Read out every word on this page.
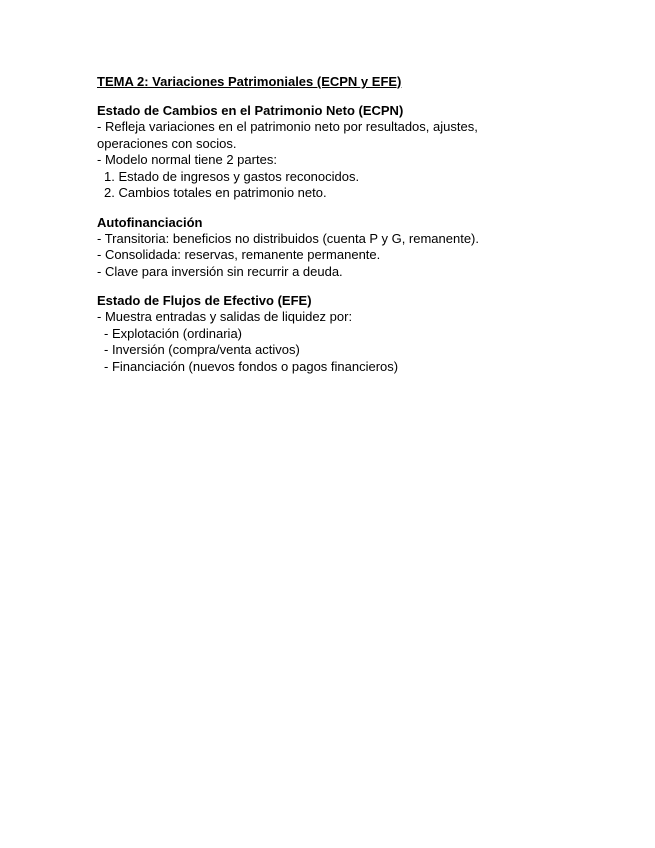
TEMA 2: Variaciones Patrimoniales (ECPN y EFE)

Estado de Cambios en el Patrimonio Neto (ECPN)

- Refleja variaciones en el patrimonio neto por resultados, ajustes, operaciones con socios.

- Modelo normal tiene 2 partes:

1. Estado de ingresos y gastos reconocidos.

2. Cambios totales en patrimonio neto.

Autofinanciación

- Transitoria: beneficios no distribuidos (cuenta P y G, remanente).

- Consolidada: reservas, remanente permanente.

- Clave para inversión sin recurrir a deuda.

Estado de Flujos de Efectivo (EFE)

- Muestra entradas y salidas de liquidez por:

- Explotación (ordinaria)

- Inversión (compra/venta activos)

- Financiación (nuevos fondos o pagos financieros)
